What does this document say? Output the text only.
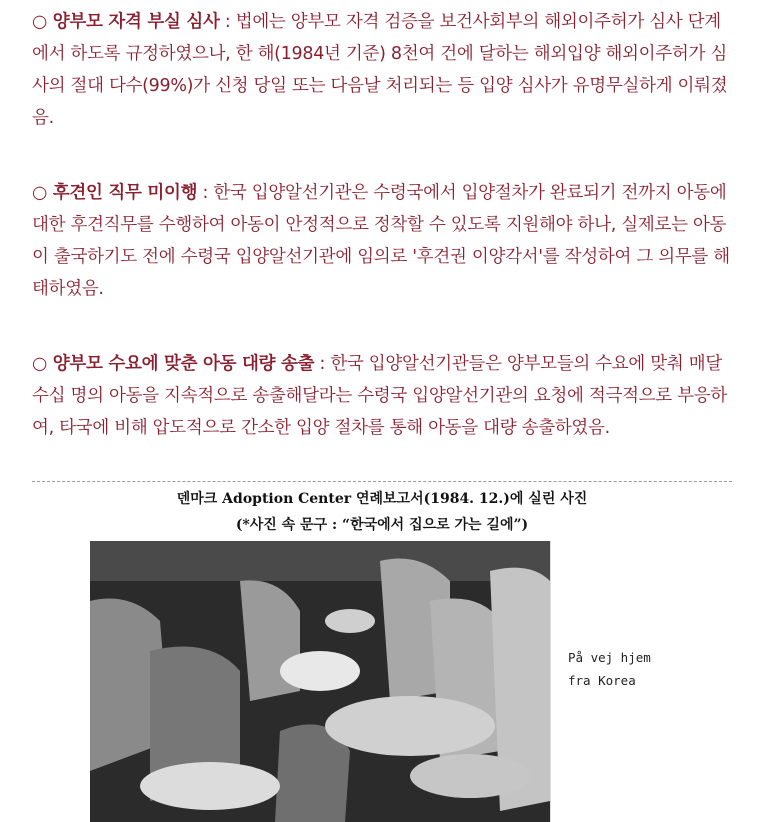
○ 양부모 자격 부실 심사 : 법에는 양부모 자격 검증을 보건사회부의 해외이주허가 심사 단계에서 하도록 규정하였으나, 한 해(1984년 기준) 8천여 건에 달하는 해외입양 해외이주허가 심사의 절대 다수(99%)가 신청 당일 또는 다음날 처리되는 등 입양 심사가 유명무실하게 이뤄졌음.

○ 후견인 직무 미이행 : 한국 입양알선기관은 수령국에서 입양절차가 완료되기 전까지 아동에 대한 후견직무를 수행하여 아동이 안정적으로 정착할 수 있도록 지원해야 하나, 실제로는 아동이 출국하기도 전에 수령국 입양알선기관에 임의로 '후견권 이양각서'를 작성하여 그 의무를 해태하였음.

○ 양부모 수요에 맞춘 아동 대량 송출 : 한국 입양알선기관들은 양부모들의 수요에 맞춰 매달 수십 명의 아동을 지속적으로 송출해달라는 수령국 입양알선기관의 요청에 적극적으로 부응하여, 타국에 비해 압도적으로 간소한 입양 절차를 통해 아동을 대량 송출하였음.

덴마크 Adoption Center 연례보고서(1984. 12.)에 실린 사진
(*사진 속 문구 : “한국에서 집으로 가는 길에”)
På vej hjem
fra Korea
